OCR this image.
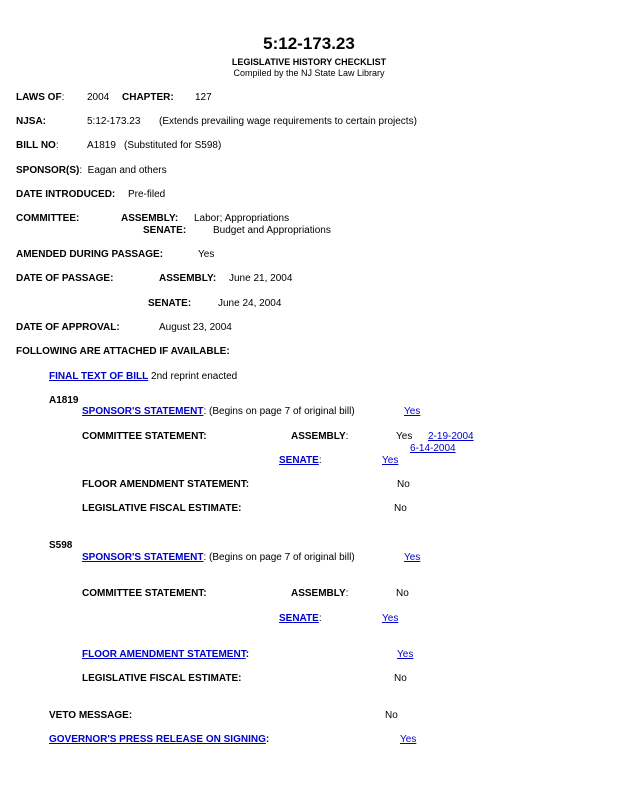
5:12-173.23
LEGISLATIVE HISTORY CHECKLIST
Compiled by the NJ State Law Library
LAWS OF: 2004 CHAPTER: 127
NJSA:	5:12-173.23 (Extends prevailing wage requirements to certain projects)
BILL NO:	A1819 (Substituted for S598)
SPONSOR(S):  Eagan and others
DATE INTRODUCED: Pre-filed
COMMITTEE:	ASSEMBLY: Labor; Appropriations
SENATE:	Budget and Appropriations
AMENDED DURING PASSAGE:	Yes
DATE OF PASSAGE:	ASSEMBLY: June 21, 2004
SENATE:	June 24, 2004
DATE OF APPROVAL:	August 23, 2004
FOLLOWING ARE ATTACHED IF AVAILABLE:
FINAL TEXT OF BILL 2nd reprint enacted
A1819
SPONSOR'S STATEMENT: (Begins on page 7 of original bill)	Yes
COMMITTEE STATEMENT:	ASSEMBLY:	Yes 2-19-2004
6-14-2004
SENATE:	Yes
FLOOR AMENDMENT STATEMENT:	No
LEGISLATIVE FISCAL ESTIMATE:	No
S598
SPONSOR'S STATEMENT: (Begins on page 7 of original bill)	Yes
COMMITTEE STATEMENT:	ASSEMBLY:	No
SENATE:	Yes
FLOOR AMENDMENT STATEMENT:	Yes
LEGISLATIVE FISCAL ESTIMATE:	No
VETO MESSAGE:	No
GOVERNOR'S PRESS RELEASE ON SIGNING:	Yes
